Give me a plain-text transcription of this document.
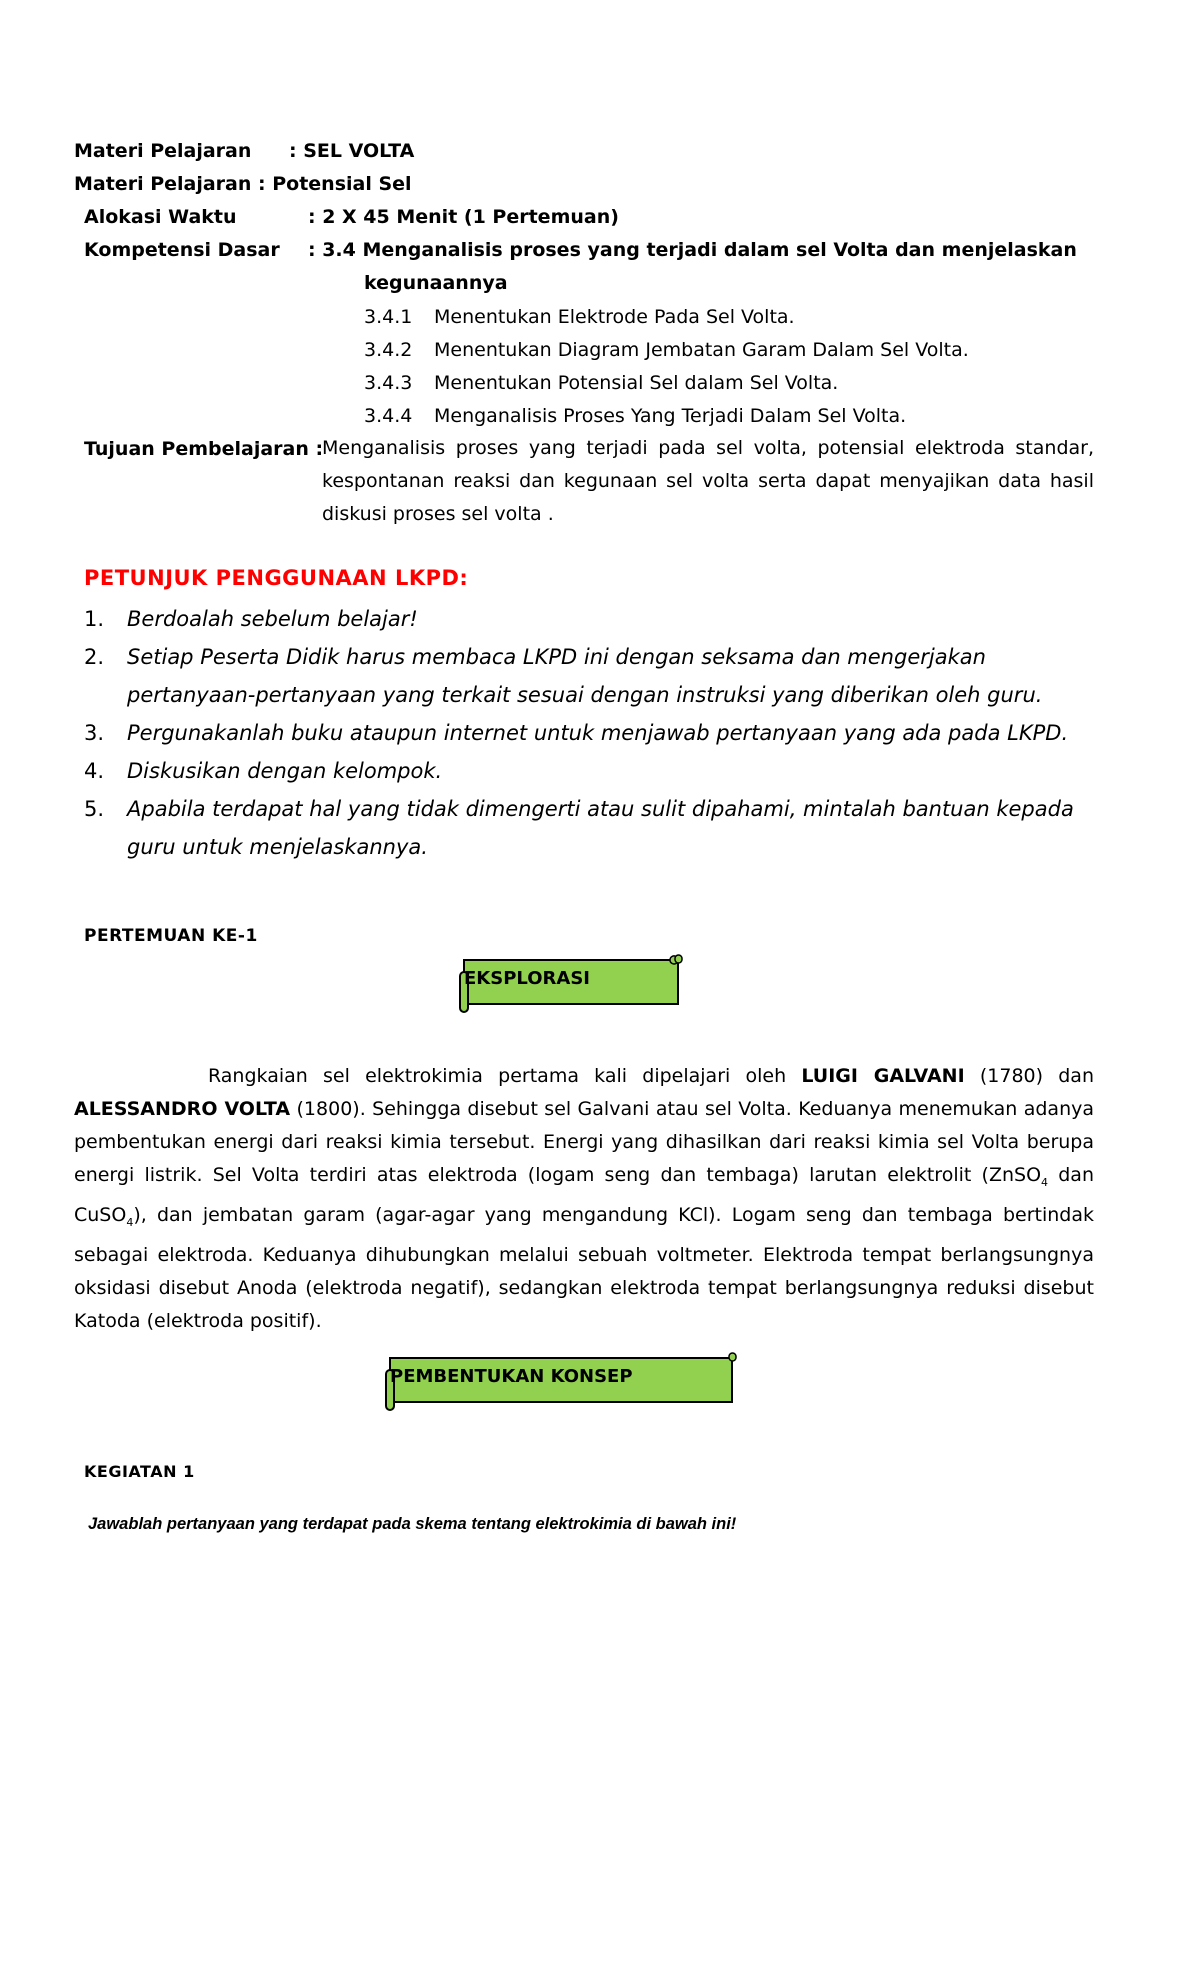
Materi Pelajaran : SEL VOLTA
Materi Pelajaran : Potensial Sel
Alokasi Waktu	: 2 X 45 Menit (1 Pertemuan)
Kompetensi Dasar : 3.4 Menganalisis proses yang terjadi dalam sel Volta dan menjelaskan
kegunaannya
3.4.1 Menentukan Elektrode Pada Sel Volta.
3.4.2 Menentukan Diagram Jembatan Garam Dalam Sel Volta.
3.4.3 Menentukan Potensial Sel dalam Sel Volta.
3.4.4 Menganalisis Proses Yang Terjadi Dalam Sel Volta.
Tujuan Pembelajaran :
Menganalisis proses yang terjadi pada sel volta, potensial elektroda standar, kespontanan reaksi dan kegunaan sel volta serta dapat menyajikan data hasil diskusi proses sel volta .
PETUNJUK PENGGUNAAN LKPD:
1. Berdoalah sebelum belajar!
2. Setiap Peserta Didik harus membaca LKPD ini dengan seksama dan mengerjakan pertanyaan-pertanyaan yang terkait sesuai dengan instruksi yang diberikan oleh guru.
3. Pergunakanlah buku ataupun internet untuk menjawab pertanyaan yang ada pada LKPD.
4. Diskusikan dengan kelompok.
5. Apabila terdapat hal yang tidak dimengerti atau sulit dipahami, mintalah bantuan kepada guru untuk menjelaskannya.
PERTEMUAN KE-1
EKSPLORASI
Rangkaian sel elektrokimia pertama kali dipelajari oleh LUIGI GALVANI (1780) dan ALESSANDRO VOLTA (1800). Sehingga disebut sel Galvani atau sel Volta. Keduanya menemukan adanya pembentukan energi dari reaksi kimia tersebut. Energi yang dihasilkan dari reaksi kimia sel Volta berupa energi listrik. Sel Volta terdiri atas elektroda (logam seng dan tembaga) larutan elektrolit (ZnSO$_4$ dan CuSO$_4$), dan jembatan garam (agar-agar yang mengandung KCl). Logam seng dan tembaga bertindak sebagai elektroda. Keduanya dihubungkan melalui sebuah voltmeter. Elektroda tempat berlangsungnya oksidasi disebut Anoda (elektroda negatif), sedangkan elektroda tempat berlangsungnya reduksi disebut Katoda (elektroda positif).
PEMBENTUKAN KONSEP
KEGIATAN 1
Jawablah pertanyaan yang terdapat pada skema tentang elektrokimia di bawah ini!
